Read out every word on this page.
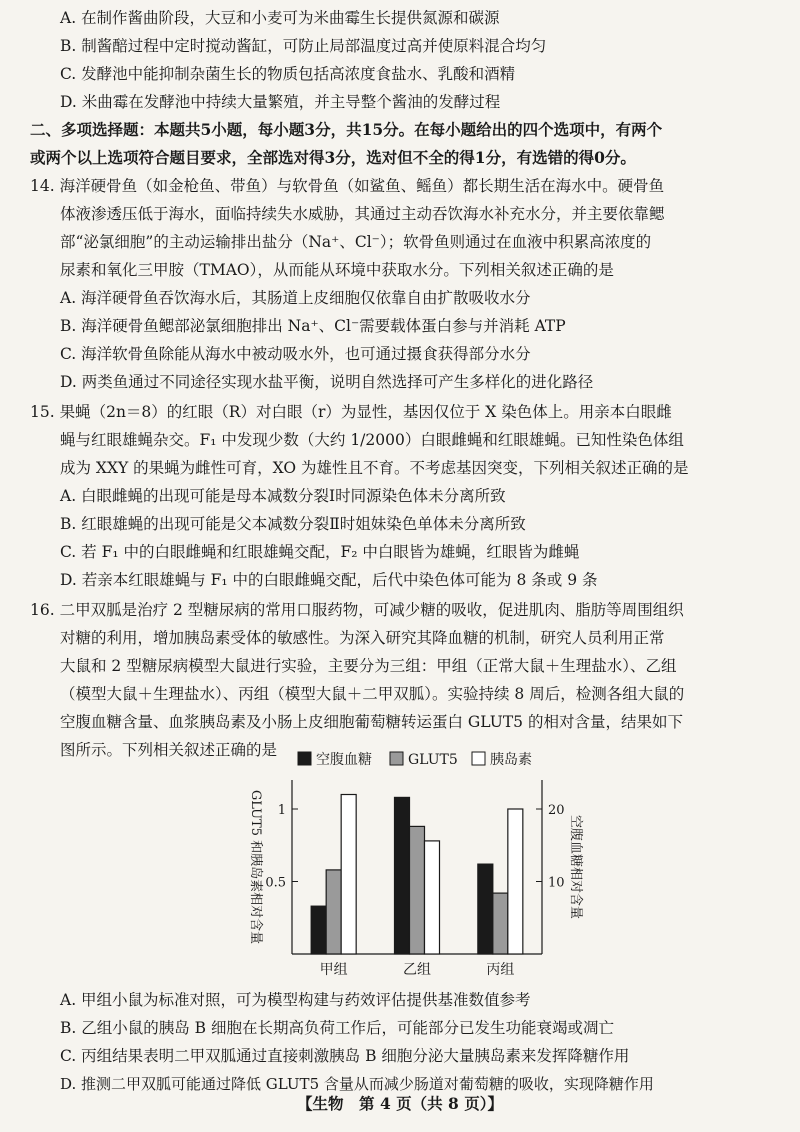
A. 在制作酱曲阶段，大豆和小麦可为米曲霉生长提供氮源和碳源
B. 制酱醅过程中定时搅动酱缸，可防止局部温度过高并使原料混合均匀
C. 发酵池中能抑制杂菌生长的物质包括高浓度食盐水、乳酸和酒精
D. 米曲霉在发酵池中持续大量繁殖，并主导整个酱油的发酵过程
二、多项选择题：本题共5小题，每小题3分，共15分。在每小题给出的四个选项中，有两个
或两个以上选项符合题目要求，全部选对得3分，选对但不全的得1分，有选错的得0分。
14. 海洋硬骨鱼（如金枪鱼、带鱼）与软骨鱼（如鲨鱼、鳐鱼）都长期生活在海水中。硬骨鱼
体液渗透压低于海水，面临持续失水威胁，其通过主动吞饮海水补充水分，并主要依靠鳃
部“泌氯细胞”的主动运输排出盐分（Na⁺、Cl⁻）；软骨鱼则通过在血液中积累高浓度的
尿素和氧化三甲胺（TMAO），从而能从环境中获取水分。下列相关叙述正确的是
A. 海洋硬骨鱼吞饮海水后，其肠道上皮细胞仅依靠自由扩散吸收水分
B. 海洋硬骨鱼鳃部泌氯细胞排出 Na⁺、Cl⁻需要载体蛋白参与并消耗 ATP
C. 海洋软骨鱼除能从海水中被动吸水外，也可通过摄食获得部分水分
D. 两类鱼通过不同途径实现水盐平衡，说明自然选择可产生多样化的进化路径
15. 果蝇（2n＝8）的红眼（R）对白眼（r）为显性，基因仅位于 X 染色体上。用亲本白眼雌
蝇与红眼雄蝇杂交。F₁ 中发现少数（大约 1/2000）白眼雌蝇和红眼雄蝇。已知性染色体组
成为 XXY 的果蝇为雌性可育，XO 为雄性且不育。不考虑基因突变，下列相关叙述正确的是
A. 白眼雌蝇的出现可能是母本减数分裂Ⅰ时同源染色体未分离所致
B. 红眼雄蝇的出现可能是父本减数分裂Ⅱ时姐妹染色单体未分离所致
C. 若 F₁ 中的白眼雌蝇和红眼雄蝇交配，F₂ 中白眼皆为雄蝇，红眼皆为雌蝇
D. 若亲本红眼雄蝇与 F₁ 中的白眼雌蝇交配，后代中染色体可能为 8 条或 9 条
16. 二甲双胍是治疗 2 型糖尿病的常用口服药物，可减少糖的吸收，促进肌肉、脂肪等周围组织
对糖的利用，增加胰岛素受体的敏感性。为深入研究其降血糖的机制，研究人员利用正常
大鼠和 2 型糖尿病模型大鼠进行实验，主要分为三组：甲组（正常大鼠＋生理盐水）、乙组
（模型大鼠＋生理盐水）、丙组（模型大鼠＋二甲双胍）。实验持续 8 周后，检测各组大鼠的
空腹血糖含量、血浆胰岛素及小肠上皮细胞葡萄糖转运蛋白 GLUT5 的相对含量，结果如下
图所示。下列相关叙述正确的是
空腹血糖	GLUT5 胰岛素
0.5
1
10
20
GLUT5 和胰岛素相对含量	空腹血糖相对含量
甲组	乙组	丙组
A. 甲组小鼠为标准对照，可为模型构建与药效评估提供基准数值参考
B. 乙组小鼠的胰岛 B 细胞在长期高负荷工作后，可能部分已发生功能衰竭或凋亡
C. 丙组结果表明二甲双胍通过直接刺激胰岛 B 细胞分泌大量胰岛素来发挥降糖作用
D. 推测二甲双胍可能通过降低 GLUT5 含量从而减少肠道对葡萄糖的吸收，实现降糖作用
【生物　第 4 页（共 8 页）】
